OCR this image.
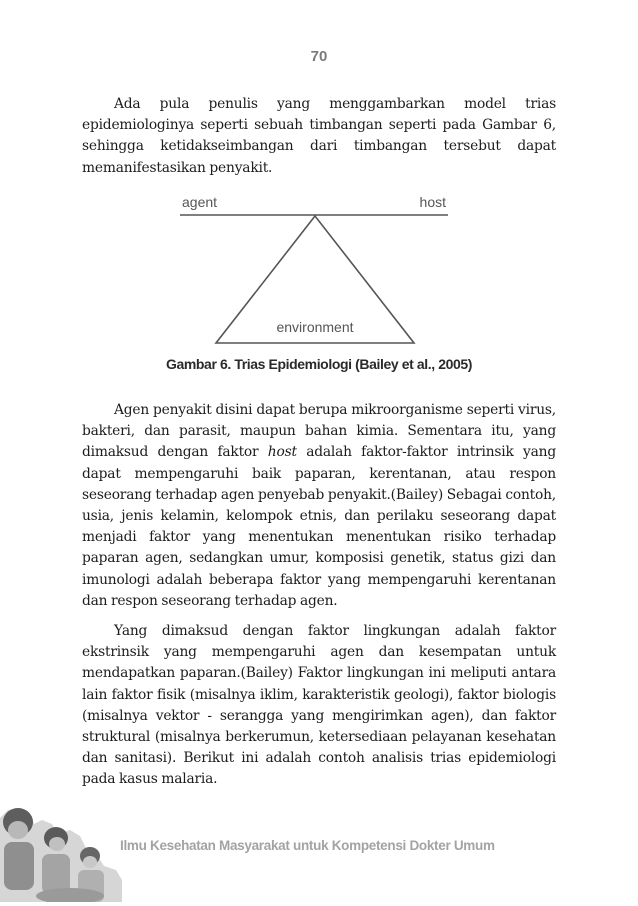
70

Ada pula penulis yang menggambarkan model trias epidemiologinya seperti sebuah timbangan seperti pada Gambar 6, sehingga ketidakseimbangan dari timbangan tersebut dapat memanifestasikan penyakit.

agent	host
environment
Gambar 6. Trias Epidemiologi (Bailey et al., 2005)

Agen penyakit disini dapat berupa mikroorganisme seperti virus, bakteri, dan parasit, maupun bahan kimia. Sementara itu, yang dimaksud dengan faktor host adalah faktor-faktor intrinsik yang dapat mempengaruhi baik paparan, kerentanan, atau respon seseorang terhadap agen penyebab penyakit.(Bailey) Sebagai contoh, usia, jenis kelamin, kelompok etnis, dan perilaku seseorang dapat menjadi faktor yang menentukan menentukan risiko terhadap paparan agen, sedangkan umur, komposisi genetik, status gizi dan imunologi adalah beberapa faktor yang mempengaruhi kerentanan dan respon seseorang terhadap agen.

Yang dimaksud dengan faktor lingkungan adalah faktor ekstrinsik yang mempengaruhi agen dan kesempatan untuk mendapatkan paparan.(Bailey) Faktor lingkungan ini meliputi antara lain faktor fisik (misalnya iklim, karakteristik geologi), faktor biologis (misalnya vektor - serangga yang mengirimkan agen), dan faktor struktural (misalnya berkerumun, ketersediaan pelayanan kesehatan dan sanitasi). Berikut ini adalah contoh analisis trias epidemiologi pada kasus malaria.

Ilmu Kesehatan Masyarakat untuk Kompetensi Dokter Umum
